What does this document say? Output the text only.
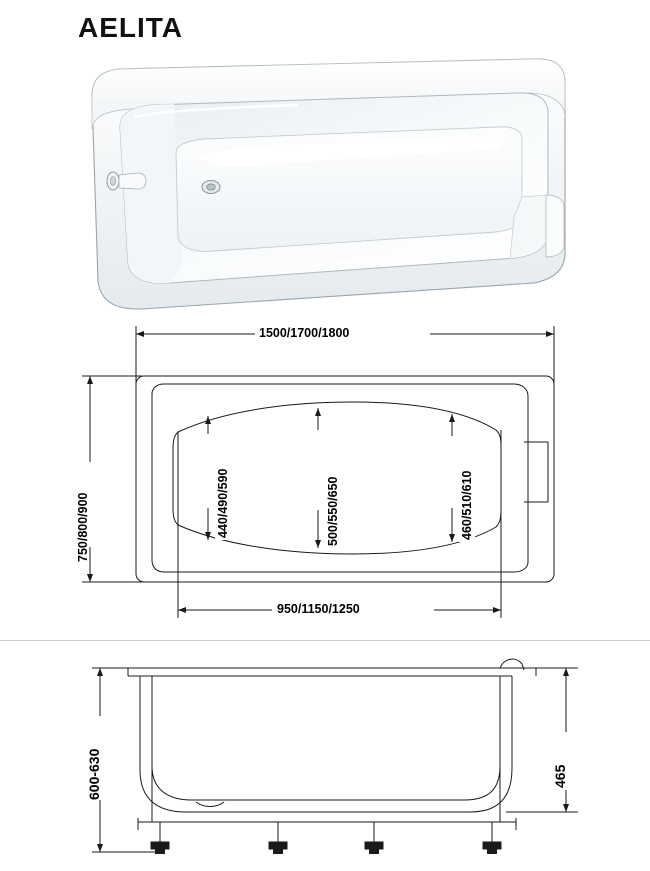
AELITA
1500/1700/1800
750/800/900	440/490/590	500/550/650	460/510/610
950/1150/1250
600-630	465
